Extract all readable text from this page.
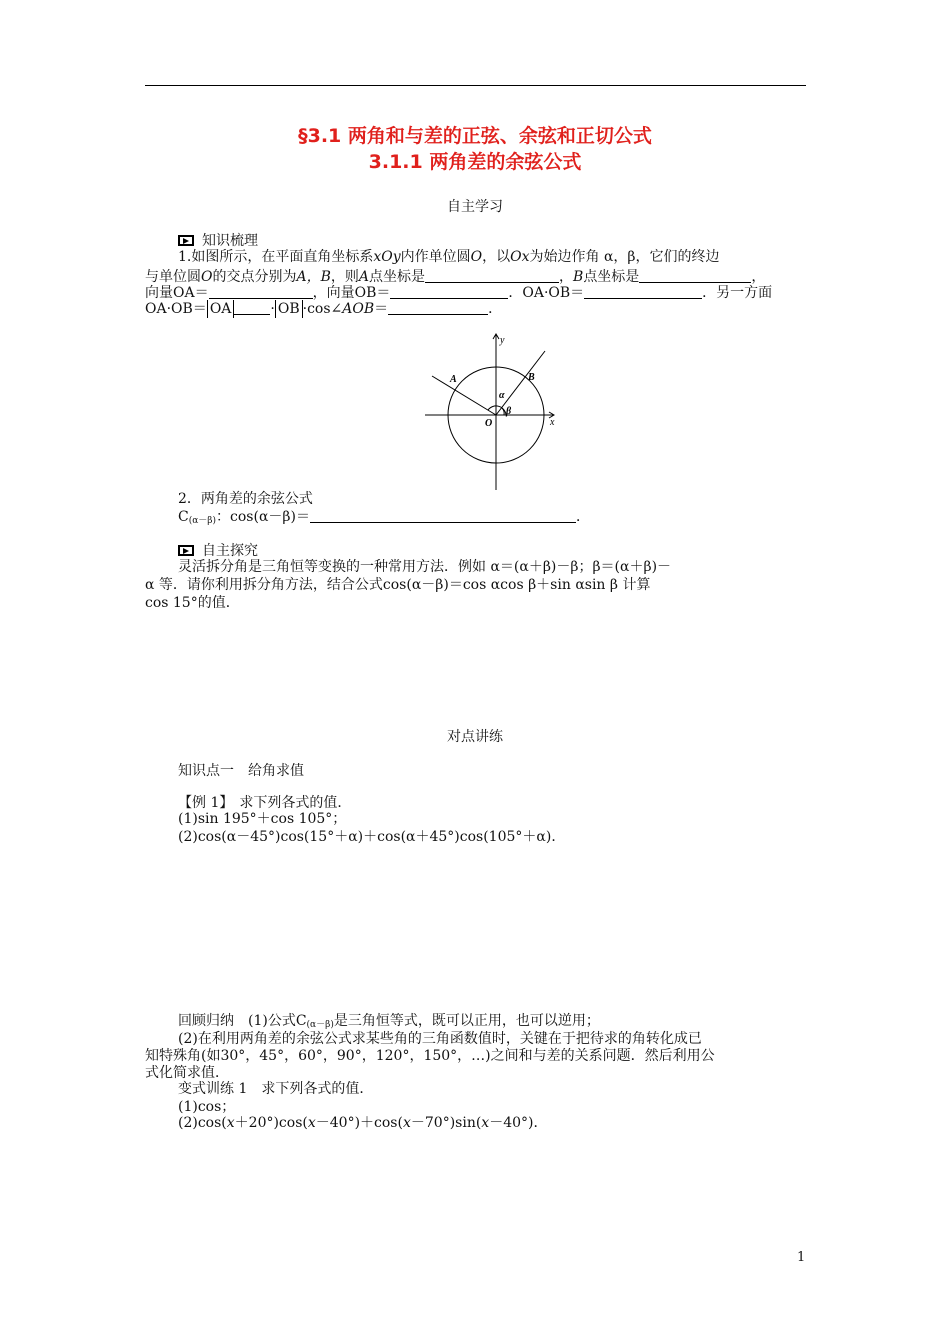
§3.1 两角和与差的正弦、余弦和正切公式
3.1.1 两角差的余弦公式
自主学习
知识梳理
1.如图所示，在平面直角坐标系xOy内作单位圆O，以Ox为始边作角 α，β，它们的终边
与单位圆O的交点分别为A，B，则A点坐标是	，B点坐标是	，
向量OA＝	，向量OB＝	．OA·OB＝	．另一方面
OA·OB＝ OA	· OB ·cos∠AOB＝	．
y
x
O
A	B
α
β
2．两角差的余弦公式
$C_{(\alpha-\beta)}$：cos(α－β)＝	．
自主探究
灵活拆分角是三角恒等变换的一种常用方法．例如 α＝(α＋β)－β；β＝(α＋β)－
α 等．请你利用拆分角方法，结合公式cos(α－β)＝cos αcos β＋sin αsin β 计算
cos 15°的值．
对点讲练
知识点一　给角求值
【例 1】 求下列各式的值．
(1)sin 195°＋cos 105°；
(2)cos(α－45°)cos(15°＋α)＋cos(α＋45°)cos(105°＋α)．
回顾归纳　(1)公式$C_{(\alpha-\beta)}$是三角恒等式，既可以正用，也可以逆用；
(2)在利用两角差的余弦公式求某些角的三角函数值时，关键在于把待求的角转化成已
知特殊角(如30°，45°，60°，90°，120°，150°，…)之间和与差的关系问题．然后利用公
式化简求值．
变式训练 1　求下列各式的值．
(1)cos；
(2)cos(x＋20°)cos(x－40°)＋cos(x－70°)sin(x－40°)．
1
